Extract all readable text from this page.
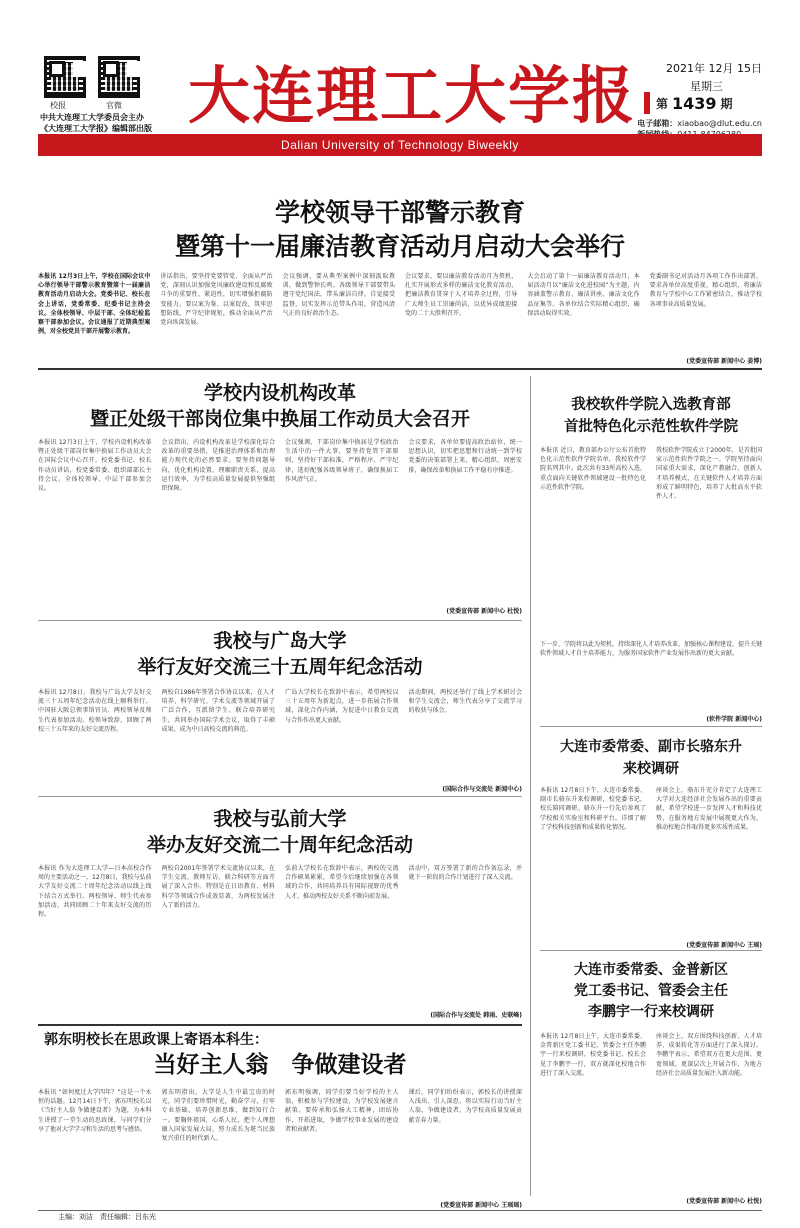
校报	官微
中共大连理工大学委员会主办
《大连理工大学报》编辑部出版 大连理工大学报	2021年 12月 15日
星期三
第 1439 期
电子邮箱：xiaobao@dlut.edu.cn
Dalian University of Technology Biweekly
学校领导干部警示教育
暨第十一届廉洁教育活动月启动大会举行
本报讯 12月3日上午，学校在国际会议中心举行领导干部警示教育暨第十一届廉洁教育活动月启动大会。党委书记、校长在会上讲话，党委常委、纪委书记主持会议。全体校领导、中层干部、全体纪检监察干部参加会议。会议通报了近期典型案例，对全校党员干部开展警示教育。
讲话指出，要坚持党要管党、全面从严治党，深刻认识加强党风廉政建设和反腐败斗争的重要性、紧迫性，切实增强拒腐防变能力。要以案为鉴、以案促改，筑牢思想防线，严守纪律规矩，推动全面从严治党向纵深发展。
会议强调，要从典型案例中深刻汲取教训，做到警钟长鸣。各级领导干部要带头遵守党纪国法，带头廉洁自律，自觉接受监督，切实发挥示范带头作用，营造风清气正的良好政治生态。
会议要求，要以廉洁教育活动月为契机，扎实开展形式多样的廉洁文化教育活动，把廉洁教育贯穿于人才培养全过程，引导广大师生员工崇廉尚洁，以优异成绩迎接党的二十大胜利召开。
大会启动了第十一届廉洁教育活动月，本届活动月以“廉洁文化进校园”为主题，内容涵盖警示教育、廉洁讲座、廉洁文化作品征集等。各单位结合实际精心组织，确保活动取得实效。
党委副书记对活动月各项工作作出部署，要求各单位高度重视、精心组织，将廉洁教育与学校中心工作紧密结合，推动学校各项事业高质量发展。
(党委宣传部 新闻中心 姜博)
学校内设机构改革
暨正处级干部岗位集中换届工作动员大会召开
本报讯 12月3日上午，学校内设机构改革暨正处级干部岗位集中换届工作动员大会在国际会议中心召开。校党委书记、校长作动员讲话，校党委常委、组织部部长主持会议。全体校领导、中层干部参加会议。
会议指出，内设机构改革是学校深化综合改革的重要举措，是推进治理体系和治理能力现代化的必然要求。要坚持问题导向，优化机构设置，理顺职责关系，提高运行效率，为学校高质量发展提供坚强组织保障。
会议强调，干部岗位集中换届是学校政治生活中的一件大事，要坚持党管干部原则，坚持好干部标准，严格程序、严守纪律，选好配强各级领导班子，确保换届工作风清气正。
会议要求，各单位要提高政治站位，统一思想认识，切实把思想和行动统一到学校党委的决策部署上来，精心组织、周密安排，确保改革和换届工作平稳有序推进。
(党委宣传部 新闻中心 杜悦)
我校软件学院入选教育部
首批特色化示范性软件学院
本报讯 近日，教育部办公厅公布首批特色化示范性软件学院名单，我校软件学院名列其中。此次共有33所高校入选，重点面向关键软件领域建设一批特色化示范性软件学院。
我校软件学院成立于2000年，是首批国家示范性软件学院之一。学院坚持面向国家重大需求，深化产教融合，创新人才培养模式，在关键软件人才培养方面形成了鲜明特色，培养了大批高水平软件人才。
下一步，学院将以此为契机，持续深化人才培养改革，加强核心课程建设，提升关键软件领域人才自主培养能力，为服务国家软件产业发展作出新的更大贡献。
(软件学院 新闻中心)
我校与广岛大学
举行友好交流三十五周年纪念活动
本报讯 12月8日，我校与广岛大学友好交流三十五周年纪念活动在线上顺利举行。中国驻大阪总领事馆官员、两校领导及师生代表参加活动。校领导致辞，回顾了两校三十五年来的友好交流历程。
两校自1986年签署合作协议以来，在人才培养、科学研究、学术交流等领域开展了广泛合作，互派留学生、联合培养研究生，共同举办国际学术会议，取得了丰硕成果，成为中日高校交流的典范。
广岛大学校长在致辞中表示，希望两校以三十五周年为新起点，进一步拓展合作领域，深化合作内涵，为促进中日教育交流与合作作出更大贡献。
活动期间，两校还举行了线上学术研讨会和学生交流会，师生代表分享了交流学习的收获与体会。
(国际合作与交流处 新闻中心)
大连市委常委、副市长骆东升
来校调研
本报讯 12月8日下午，大连市委常委、副市长骆东升来校调研，校党委书记，校长陪同调研。骆东升一行先后参观了学校相关实验室和科研平台，详细了解了学校科技创新和成果转化情况。
座谈会上，骆东升充分肯定了大连理工大学对大连经济社会发展作出的重要贡献，希望学校进一步发挥人才和科技优势，在服务地方发展中展现更大作为，推动校地合作取得更多实质性成果。
(党委宣传部 新闻中心 王瑶)
我校与弘前大学
举办友好交流二十周年纪念活动
本报讯 作为大连理工大学—日本高校合作周的主要活动之一，12月8日，我校与弘前大学友好交流二十周年纪念活动以线上线下结合方式举行。两校领导、师生代表参加活动，共同回顾二十年来友好交流的历程。
两校自2001年签署学术交流协议以来，在学生交流、教师互访、联合科研等方面开展了深入合作。特别是在日语教育、材料科学等领域合作成效显著，为两校发展注入了新的活力。
弘前大学校长在致辞中表示，两校的交流合作硕果累累，希望今后继续加强在各领域的合作，共同培养具有国际视野的优秀人才，推动两校友好关系不断向前发展。
活动中，双方签署了新的合作备忘录，并就下一阶段的合作计划进行了深入交流。
(国际合作与交流处 韩雨、史联峰)
大连市委常委、金普新区
党工委书记、管委会主任
李鹏宇一行来校调研
本报讯 12月8日上午，大连市委常委、金普新区党工委书记、管委会主任李鹏宇一行来校调研。校党委书记、校长会见了李鹏宇一行，双方就深化校地合作进行了深入交流。
座谈会上，双方围绕科技创新、人才培养、成果转化等方面进行了深入探讨。李鹏宇表示，希望双方在更大范围、更宽领域、更深层次上开展合作，为地方经济社会高质量发展注入新动能。
(党委宣传部 新闻中心 杜悦)
郭东明校长在思政课上寄语本科生：
当好主人翁　争做建设者
本报讯 “如何度过大学四年？”这是一个永恒的话题。12月14日下午，郭东明校长以《当好主人翁 争做建设者》为题，为本科生讲授了一堂生动的思政课，与同学们分享了他对大学学习和生活的思考与感悟。
郭东明指出，大学是人生中最宝贵的时光，同学们要珍惜时光，勤奋学习，打牢专业基础，培养创新思维，做到知行合一。要胸怀祖国，心系人民，把个人理想融入国家发展大局，努力成长为堪当民族复兴重任的时代新人。
郭东明强调，同学们要当好学校的主人翁，积极参与学校建设，为学校发展建言献策。要传承和弘扬大工精神，团结协作，开拓进取，争做学校事业发展的建设者和贡献者。
课后，同学们纷纷表示，郭校长的讲授深入浅出、引人深思，将以实际行动当好主人翁，争做建设者，为学校高质量发展贡献青春力量。
(党委宣传部 新闻中心 王瑶瑶)
主编：刘洁　责任编辑：吕东光
